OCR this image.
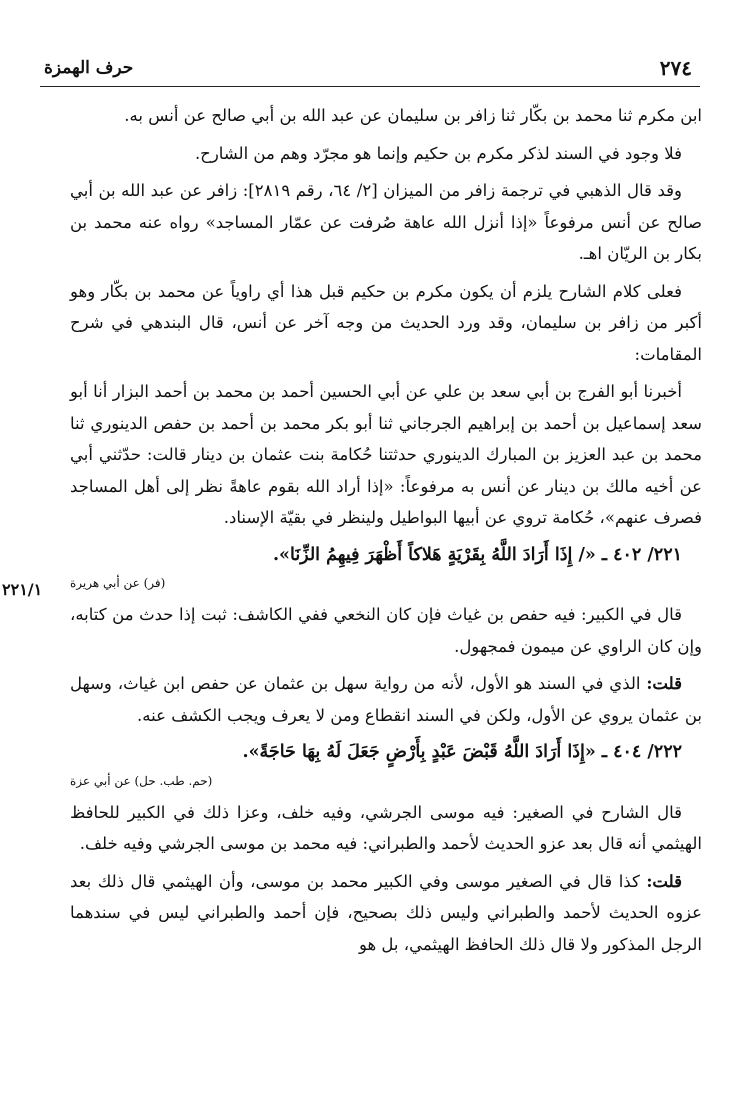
٢٧٤
حرف الهمزة
٢٢١/١

ابن مكرم ثنا محمد بن بكّار ثنا زافر بن سليمان عن عبد الله بن أبي صالح عن أنس به.

فلا وجود في السند لذكر مكرم بن حكيم وإنما هو مجرّد وهم من الشارح.

وقد قال الذهبي في ترجمة زافر من الميزان [٢/ ٦٤، رقم ٢٨١٩]: زافر عن عبد الله بن أبي صالح عن أنس مرفوعاً «إذا أنزل الله عاهة صُرفت عن عمّار المساجد» رواه عنه محمد بن بكار بن الريّان اهـ.

فعلى كلام الشارح يلزم أن يكون مكرم بن حكيم قبل هذا أي راوياً عن محمد بن بكّار وهو أكبر من زافر بن سليمان، وقد ورد الحديث من وجه آخر عن أنس، قال البندهي في شرح المقامات:

أخبرنا أبو الفرج بن أبي سعد بن علي عن أبي الحسين أحمد بن محمد بن أحمد البزار أنا أبو سعد إسماعيل بن أحمد بن إبراهيم الجرجاني ثنا أبو بكر محمد بن أحمد بن حفص الدينوري ثنا محمد بن عبد العزيز بن المبارك الدينوري حدثتنا حُكامة بنت عثمان بن دينار قالت: حدّثني أبي عن أخيه مالك بن دينار عن أنس به مرفوعاً: «إذا أراد الله بقوم عاهةً نظر إلى أهل المساجد فصرف عنهم»، حُكامة تروي عن أبيها البواطيل ولينظر في بقيّة الإسناد.

٢٢١/ ٤٠٢ ـ «/ إِذَا أَرَادَ اللَّهُ بِقَرْيَةٍ هَلاكاً أَظْهَرَ فِيهِمُ الزِّنَا».

(فر) عن أبي هريرة

قال في الكبير: فيه حفص بن غياث فإن كان النخعي ففي الكاشف: ثبت إذا حدث من كتابه، وإن كان الراوي عن ميمون فمجهول.

قلت: الذي في السند هو الأول، لأنه من رواية سهل بن عثمان عن حفص ابن غياث، وسهل بن عثمان يروي عن الأول، ولكن في السند انقطاع ومن لا يعرف ويجب الكشف عنه.

٢٢٢/ ٤٠٤ ـ «إِذَا أَرَادَ اللَّهُ قَبْضَ عَبْدٍ بِأَرْضٍ جَعَلَ لَهُ بِهَا حَاجَةً».

(حم. طب. حل) عن أبي عزة

قال الشارح في الصغير: فيه موسى الجرشي، وفيه خلف، وعزا ذلك في الكبير للحافظ الهيثمي أنه قال بعد عزو الحديث لأحمد والطبراني: فيه محمد بن موسى الجرشي وفيه خلف.

قلت: كذا قال في الصغير موسى وفي الكبير محمد بن موسى، وأن الهيثمي قال ذلك بعد عزوه الحديث لأحمد والطبراني وليس ذلك بصحيح، فإن أحمد والطبراني ليس في سندهما الرجل المذكور ولا قال ذلك الحافظ الهيثمي، بل هو
